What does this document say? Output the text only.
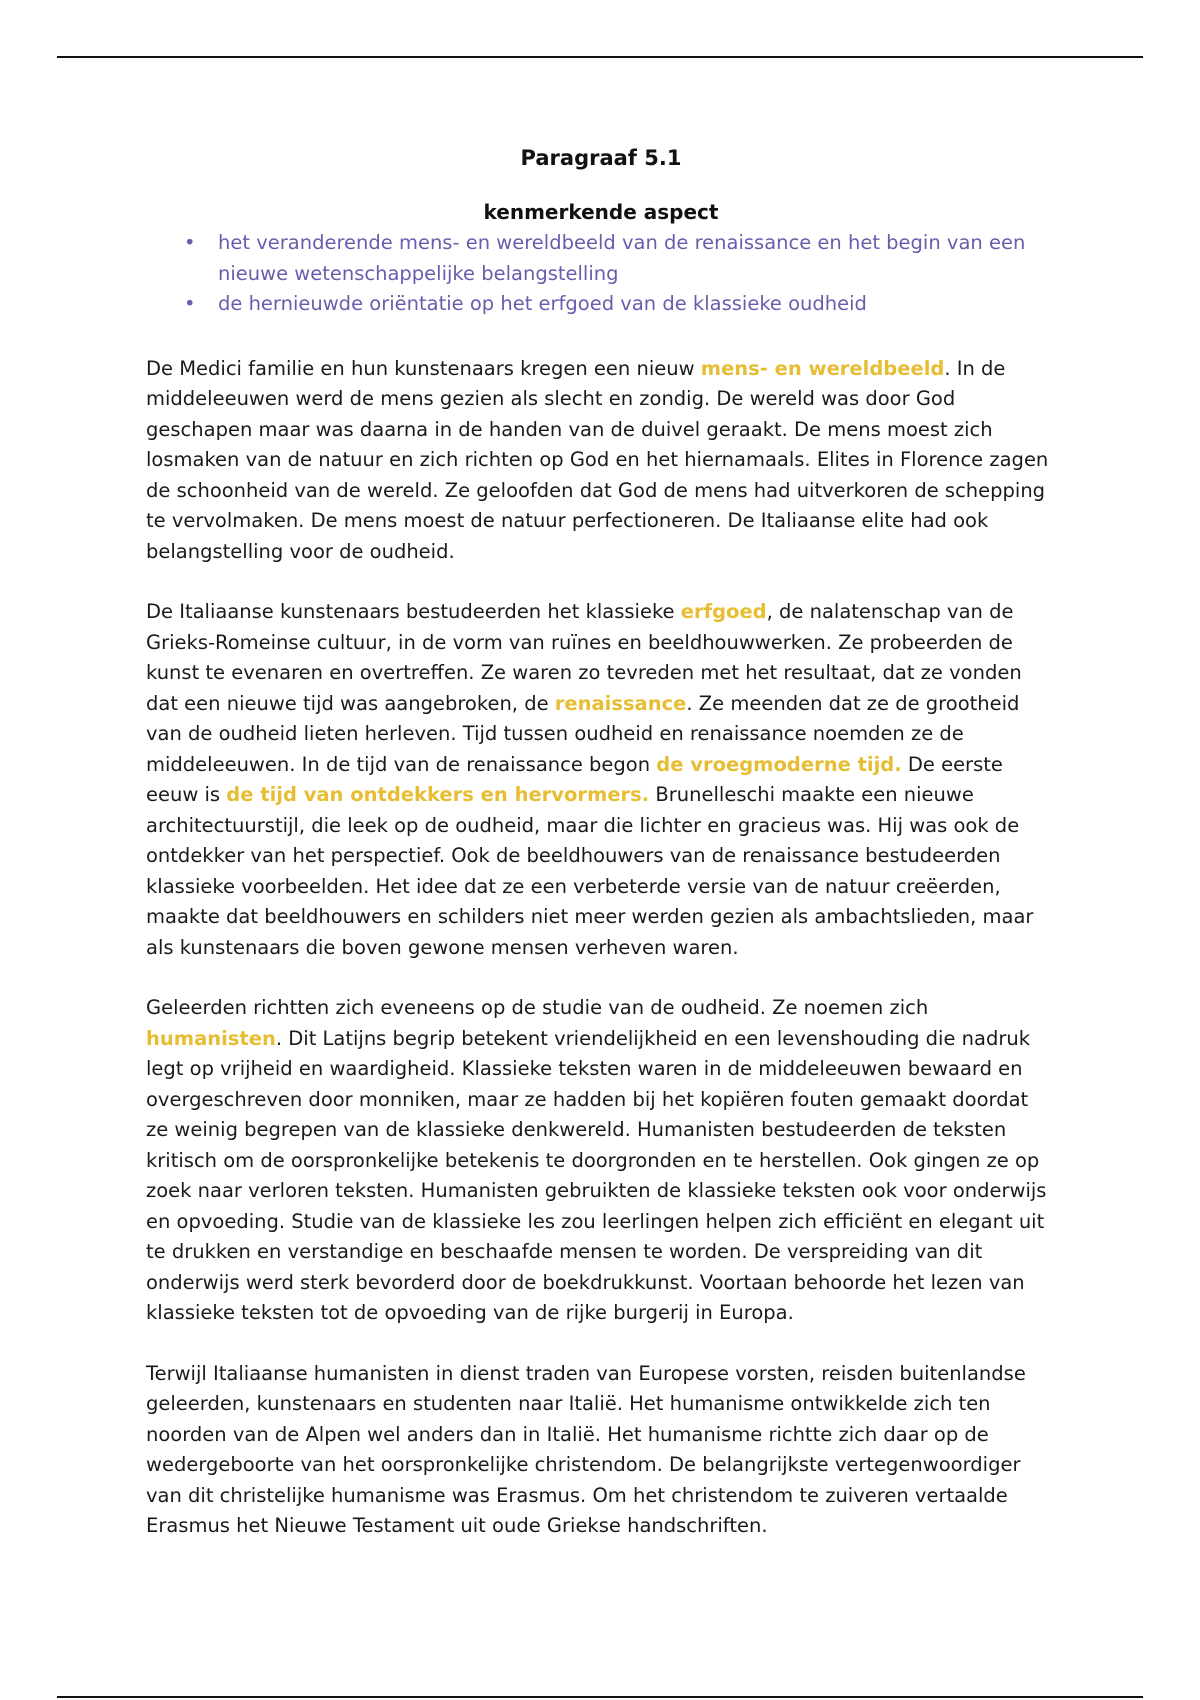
Paragraaf 5.1
kenmerkende aspect
• het veranderende mens- en wereldbeeld van de renaissance en het begin van een nieuwe wetenschappelijke belangstelling
• de hernieuwde oriëntatie op het erfgoed van de klassieke oudheid

De Medici familie en hun kunstenaars kregen een nieuw mens- en wereldbeeld. In de middeleeuwen werd de mens gezien als slecht en zondig. De wereld was door God geschapen maar was daarna in de handen van de duivel geraakt. De mens moest zich losmaken van de natuur en zich richten op God en het hiernamaals. Elites in Florence zagen de schoonheid van de wereld. Ze geloofden dat God de mens had uitverkoren de schepping te vervolmaken. De mens moest de natuur perfectioneren. De Italiaanse elite had ook belangstelling voor de oudheid.

De Italiaanse kunstenaars bestudeerden het klassieke erfgoed, de nalatenschap van de Grieks-Romeinse cultuur, in de vorm van ruïnes en beeldhouwwerken. Ze probeerden de kunst te evenaren en overtreffen. Ze waren zo tevreden met het resultaat, dat ze vonden dat een nieuwe tijd was aangebroken, de renaissance. Ze meenden dat ze de grootheid van de oudheid lieten herleven. Tijd tussen oudheid en renaissance noemden ze de middeleeuwen. In de tijd van de renaissance begon de vroegmoderne tijd. De eerste eeuw is de tijd van ontdekkers en hervormers. Brunelleschi maakte een nieuwe architectuurstijl, die leek op de oudheid, maar die lichter en gracieus was. Hij was ook de ontdekker van het perspectief. Ook de beeldhouwers van de renaissance bestudeerden klassieke voorbeelden. Het idee dat ze een verbeterde versie van de natuur creëerden, maakte dat beeldhouwers en schilders niet meer werden gezien als ambachtslieden, maar als kunstenaars die boven gewone mensen verheven waren.

Geleerden richtten zich eveneens op de studie van de oudheid. Ze noemen zich humanisten. Dit Latijns begrip betekent vriendelijkheid en een levenshouding die nadruk legt op vrijheid en waardigheid. Klassieke teksten waren in de middeleeuwen bewaard en overgeschreven door monniken, maar ze hadden bij het kopiëren fouten gemaakt doordat ze weinig begrepen van de klassieke denkwereld. Humanisten bestudeerden de teksten kritisch om de oorspronkelijke betekenis te doorgronden en te herstellen. Ook gingen ze op zoek naar verloren teksten. Humanisten gebruikten de klassieke teksten ook voor onderwijs en opvoeding. Studie van de klassieke les zou leerlingen helpen zich efficiënt en elegant uit te drukken en verstandige en beschaafde mensen te worden. De verspreiding van dit onderwijs werd sterk bevorderd door de boekdrukkunst. Voortaan behoorde het lezen van klassieke teksten tot de opvoeding van de rijke burgerij in Europa.

Terwijl Italiaanse humanisten in dienst traden van Europese vorsten, reisden buitenlandse geleerden, kunstenaars en studenten naar Italië. Het humanisme ontwikkelde zich ten noorden van de Alpen wel anders dan in Italië. Het humanisme richtte zich daar op de wedergeboorte van het oorspronkelijke christendom. De belangrijkste vertegenwoordiger van dit christelijke humanisme was Erasmus. Om het christendom te zuiveren vertaalde Erasmus het Nieuwe Testament uit oude Griekse handschriften.
